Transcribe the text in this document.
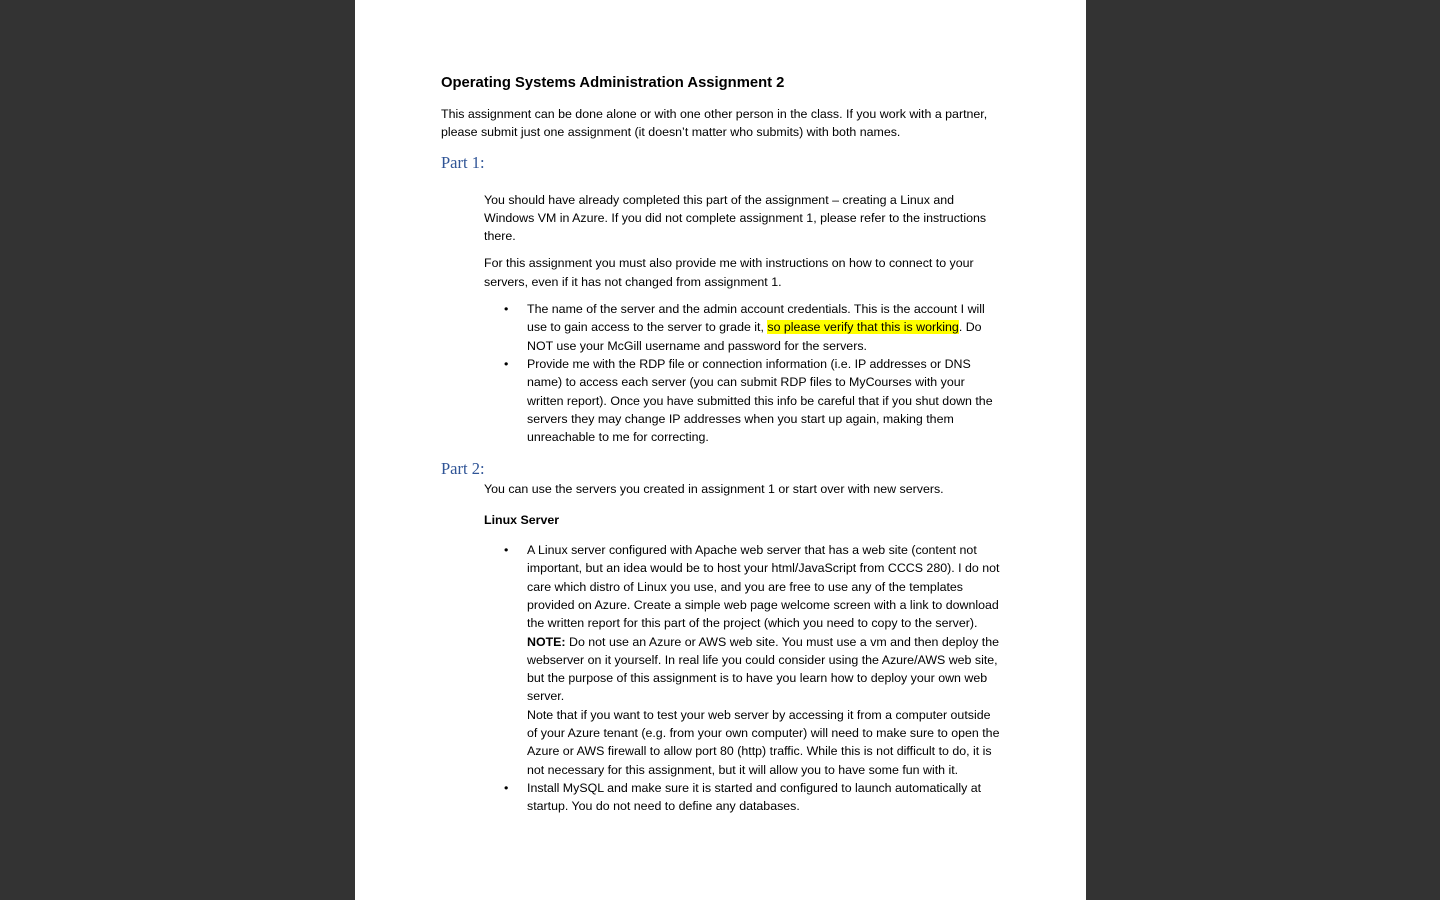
Operating Systems Administration Assignment 2
This assignment can be done alone or with one other person in the class. If you work with a partner, please submit just one assignment (it doesn’t matter who submits) with both names.
Part 1:
You should have already completed this part of the assignment – creating a Linux and Windows VM in Azure. If you did not complete assignment 1, please refer to the instructions there.
For this assignment you must also provide me with instructions on how to connect to your servers, even if it has not changed from assignment 1.
• The name of the server and the admin account credentials. This is the account I will use to gain access to the server to grade it, so please verify that this is working. Do NOT use your McGill username and password for the servers.
• Provide me with the RDP file or connection information (i.e. IP addresses or DNS name) to access each server (you can submit RDP files to MyCourses with your written report). Once you have submitted this info be careful that if you shut down the servers they may change IP addresses when you start up again, making them unreachable to me for correcting.
Part 2:
You can use the servers you created in assignment 1 or start over with new servers.
Linux Server
• A Linux server configured with Apache web server that has a web site (content not important, but an idea would be to host your html/JavaScript from CCCS 280). I do not care which distro of Linux you use, and you are free to use any of the templates provided on Azure. Create a simple web page welcome screen with a link to download the written report for this part of the project (which you need to copy to the server). NOTE: Do not use an Azure or AWS web site. You must use a vm and then deploy the webserver on it yourself. In real life you could consider using the Azure/AWS web site, but the purpose of this assignment is to have you learn how to deploy your own web server.
Note that if you want to test your web server by accessing it from a computer outside of your Azure tenant (e.g. from your own computer) will need to make sure to open the Azure or AWS firewall to allow port 80 (http) traffic. While this is not difficult to do, it is not necessary for this assignment, but it will allow you to have some fun with it.
• Install MySQL and make sure it is started and configured to launch automatically at startup. You do not need to define any databases.
